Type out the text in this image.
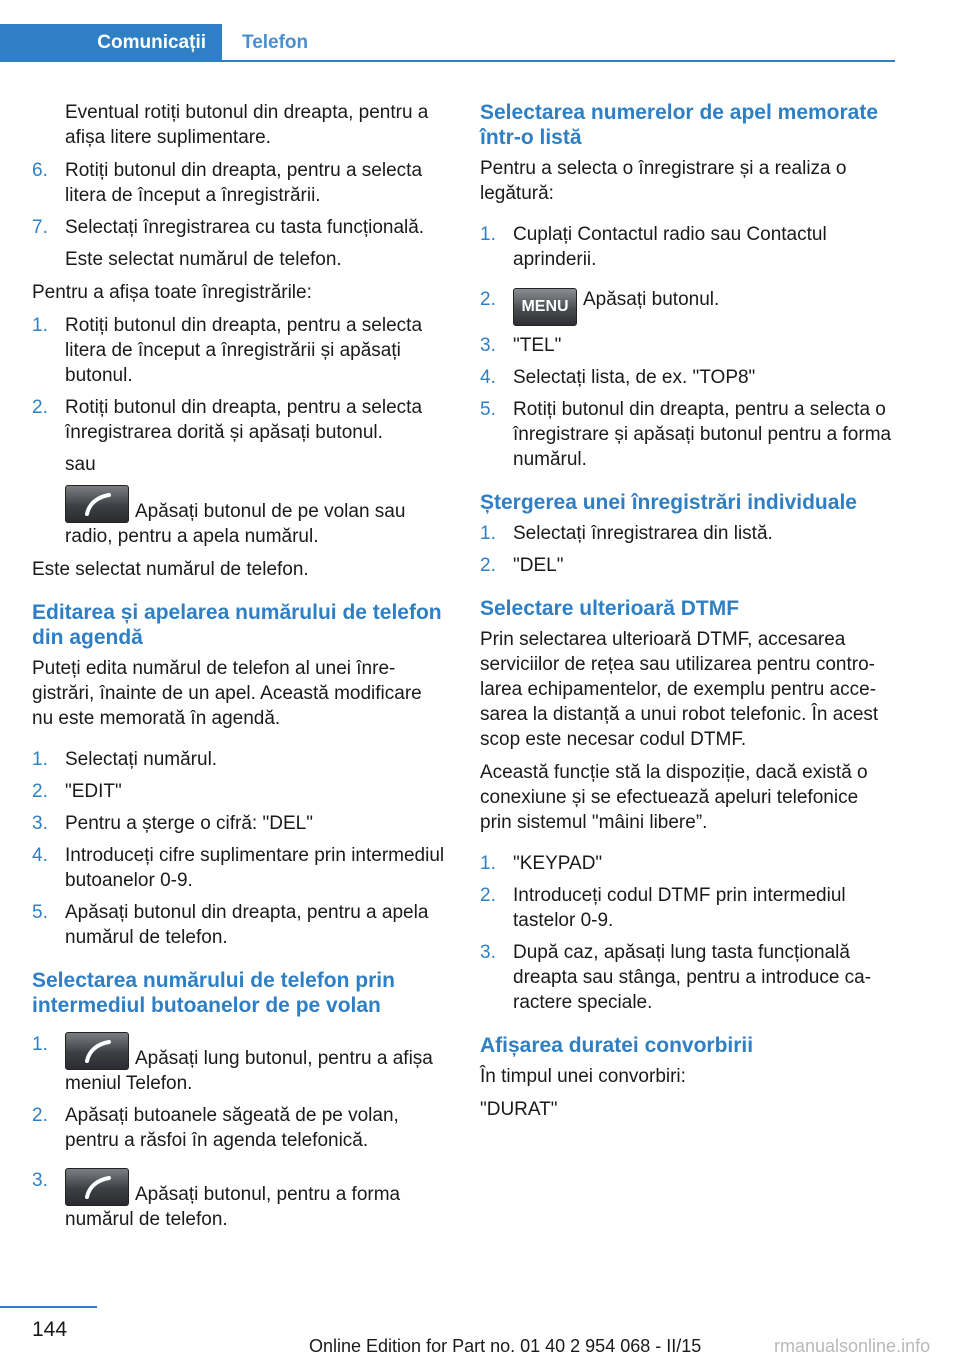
Comunicații Telefon
Eventual rotiți butonul din dreapta, pentru a afișa litere suplimentare.
6. Rotiți butonul din dreapta, pentru a selecta litera de început a înregistrării.
7. Selectați înregistrarea cu tasta funcțională.
Este selectat numărul de telefon.
Pentru a afișa toate înregistrările:
1. Rotiți butonul din dreapta, pentru a selecta litera de început a înregistrării și apăsați butonul.
2. Rotiți butonul din dreapta, pentru a selecta înregistrarea dorită și apăsați butonul.
sau
Apăsați butonul de pe volan sau radio, pentru a apela numărul.
Este selectat numărul de telefon.
Editarea și apelarea numărului de telefon din agendă
Puteți edita numărul de telefon al unei înregistrări, înainte de un apel. Această modificare nu este memorată în agendă.
1. Selectați numărul.
2. "EDIT"
3. Pentru a șterge o cifră: "DEL"
4. Introduceți cifre suplimentare prin intermediul butoanelor 0-9.
5. Apăsați butonul din dreapta, pentru a apela numărul de telefon.
Selectarea numărului de telefon prin intermediul butoanelor de pe volan
1.
Apăsați lung butonul, pentru a afișa meniul Telefon.
2. Apăsați butoanele săgeată de pe volan, pentru a răsfoi în agenda telefonică.
3.
Apăsați butonul, pentru a forma numărul de telefon.
Selectarea numerelor de apel memorate într-o listă
Pentru a selecta o înregistrare și a realiza o legătură:
1. Cuplați Contactul radio sau Contactul aprinderii.
2. MENU Apăsați butonul.
3. "TEL"
4. Selectați lista, de ex. "TOP8"
5. Rotiți butonul din dreapta, pentru a selecta o înregistrare și apăsați butonul pentru a forma numărul.
Ștergerea unei înregistrări individuale
1. Selectați înregistrarea din listă.
2. "DEL"
Selectare ulterioară DTMF
Prin selectarea ulterioară DTMF, accesarea serviciilor de rețea sau utilizarea pentru controlarea echipamentelor, de exemplu pentru accesarea la distanță a unui robot telefonic. În acest scop este necesar codul DTMF.
Această funcție stă la dispoziție, dacă există o conexiune și se efectuează apeluri telefonice prin sistemul "mâini libere”.
1. "KEYPAD"
2. Introduceți codul DTMF prin intermediul tastelor 0-9.
3. După caz, apăsați lung tasta funcțională dreapta sau stânga, pentru a introduce caractere speciale.
Afișarea duratei convorbirii
În timpul unei convorbiri:
"DURAT"
144
Online Edition for Part no. 01 40 2 954 068 - II/15	rmanualsonline.info
